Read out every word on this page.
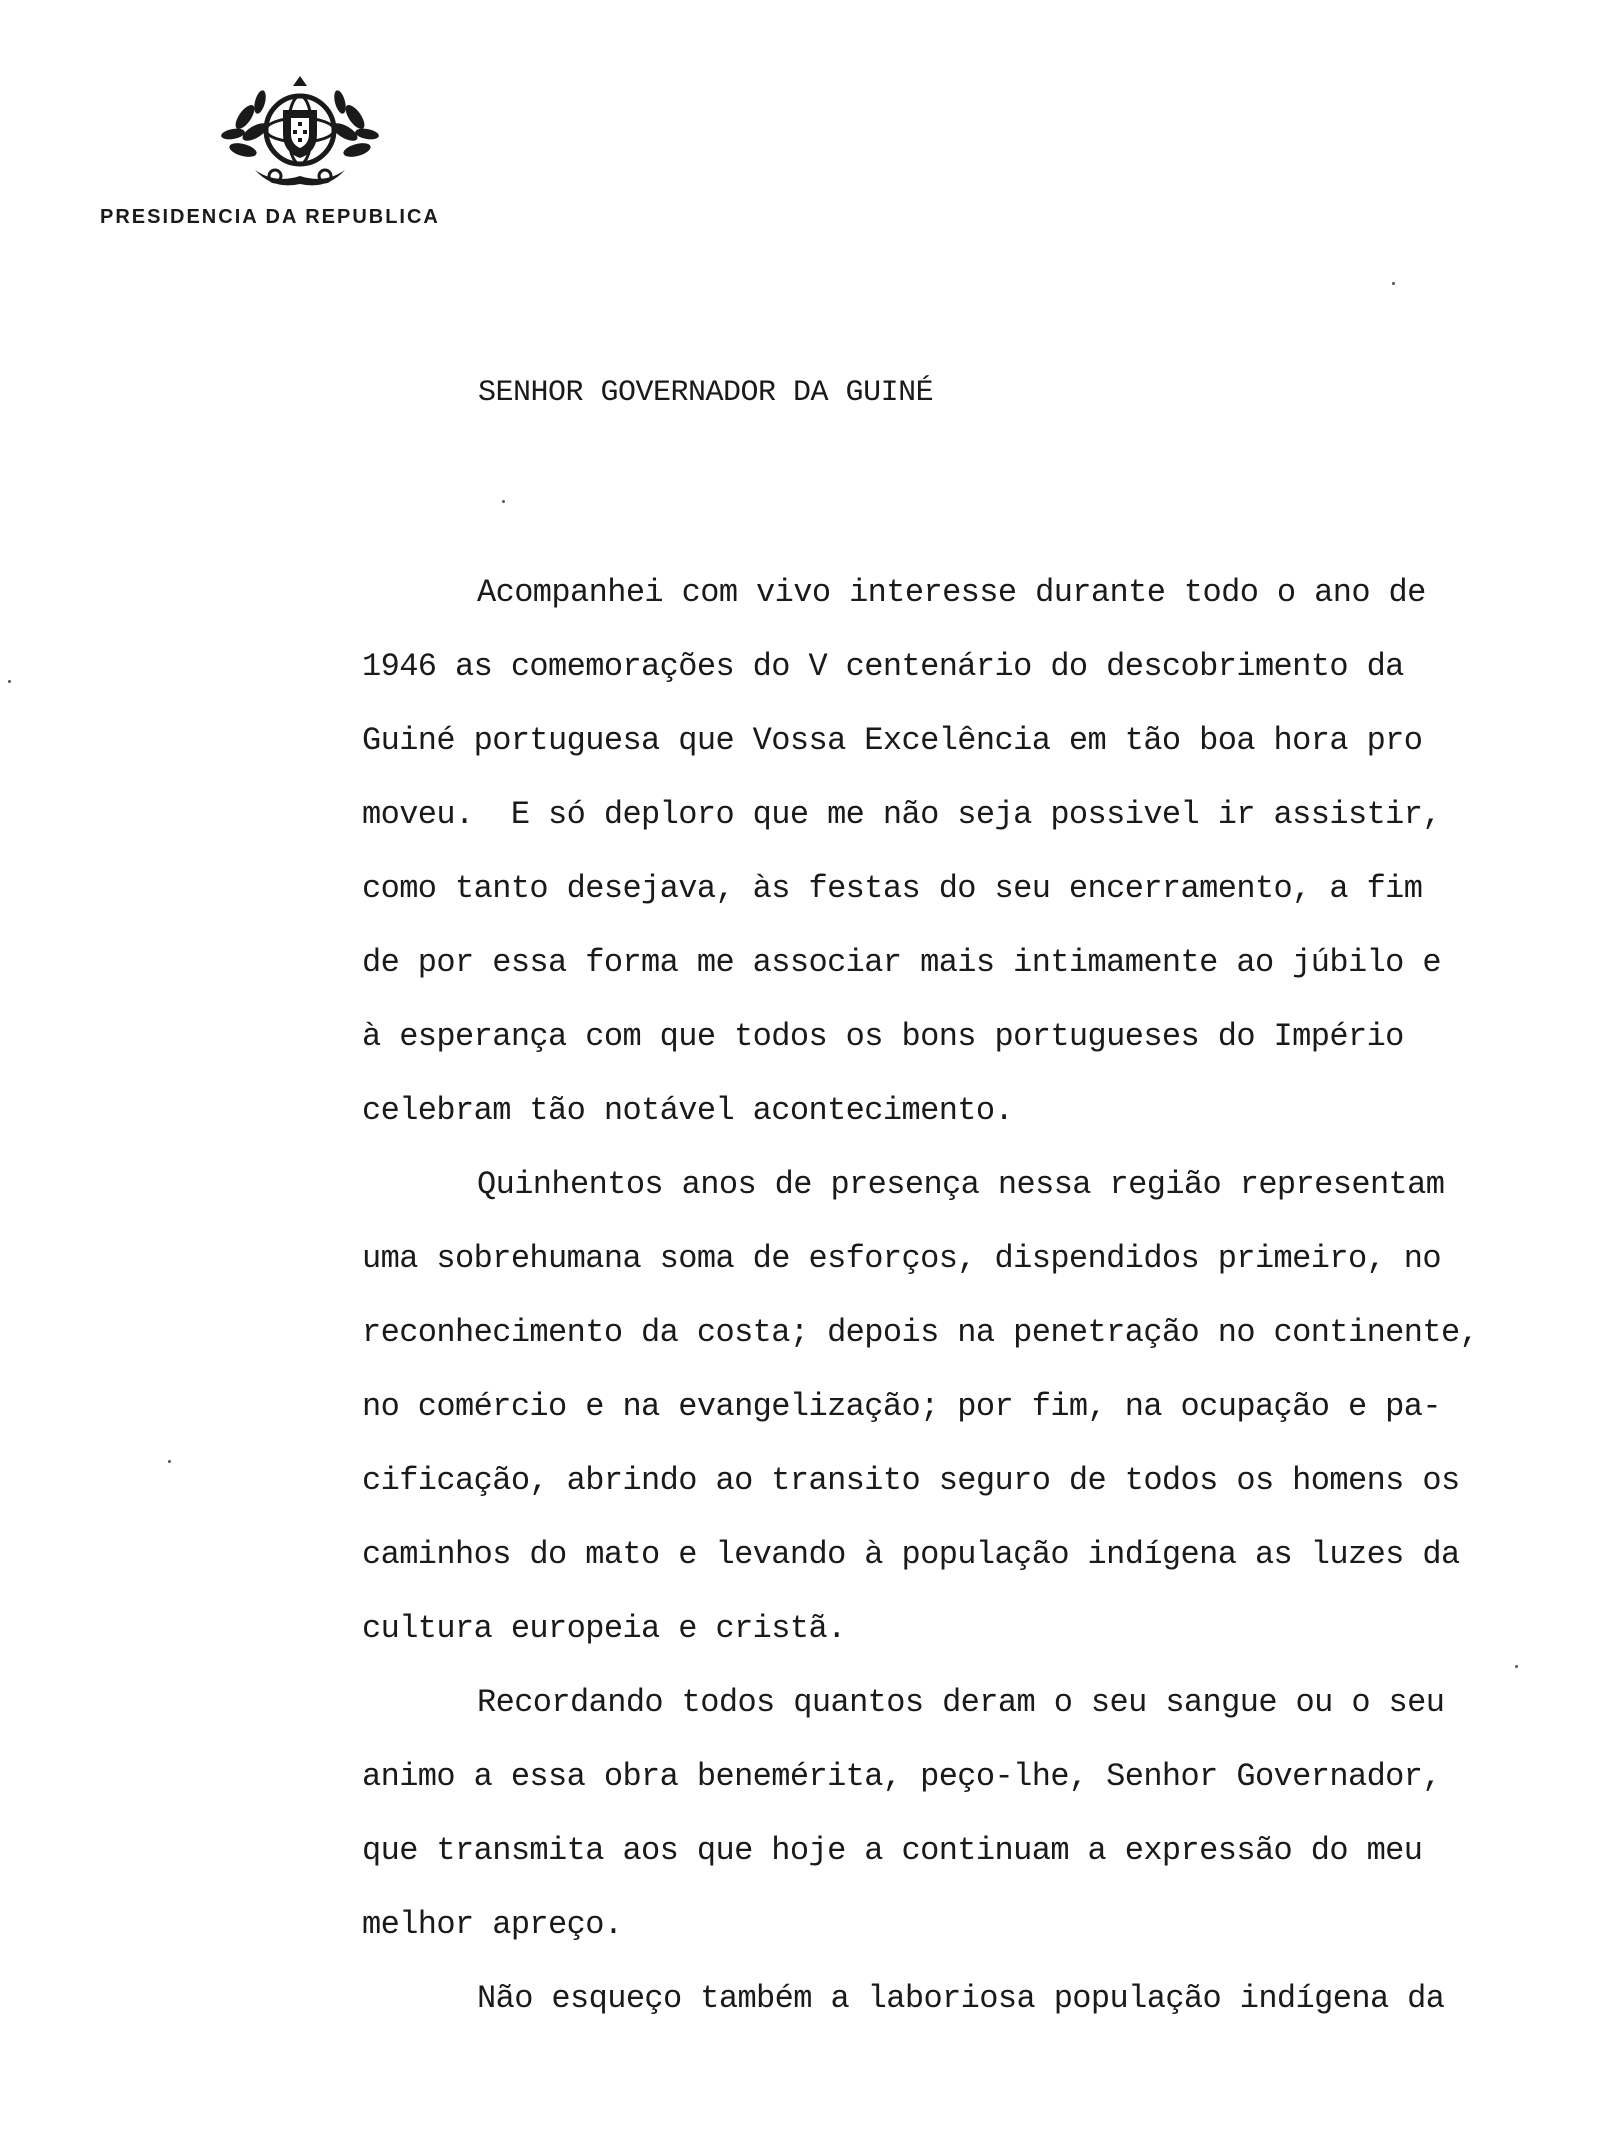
PRESIDENCIA DA REPUBLICA
SENHOR GOVERNADOR DA GUINÉ
Acompanhei com vivo interesse durante todo o ano de
1946 as comemorações do V centenário do descobrimento da
Guiné portuguesa que Vossa Excelência em tão boa hora pro
moveu.  E só deploro que me não seja possivel ir assistir,
como tanto desejava, às festas do seu encerramento, a fim
de por essa forma me associar mais intimamente ao júbilo e
à esperança com que todos os bons portugueses do Império
celebram tão notável acontecimento.
Quinhentos anos de presença nessa região representam
uma sobrehumana soma de esforços, dispendidos primeiro, no
reconhecimento da costa; depois na penetração no continente,
no comércio e na evangelização; por fim, na ocupação e pa-
cificação, abrindo ao transito seguro de todos os homens os
caminhos do mato e levando à população indígena as luzes da
cultura europeia e cristã.
Recordando todos quantos deram o seu sangue ou o seu
animo a essa obra benemérita, peço-lhe, Senhor Governador,
que transmita aos que hoje a continuam a expressão do meu
melhor apreço.
Não esqueço também a laboriosa população indígena da
